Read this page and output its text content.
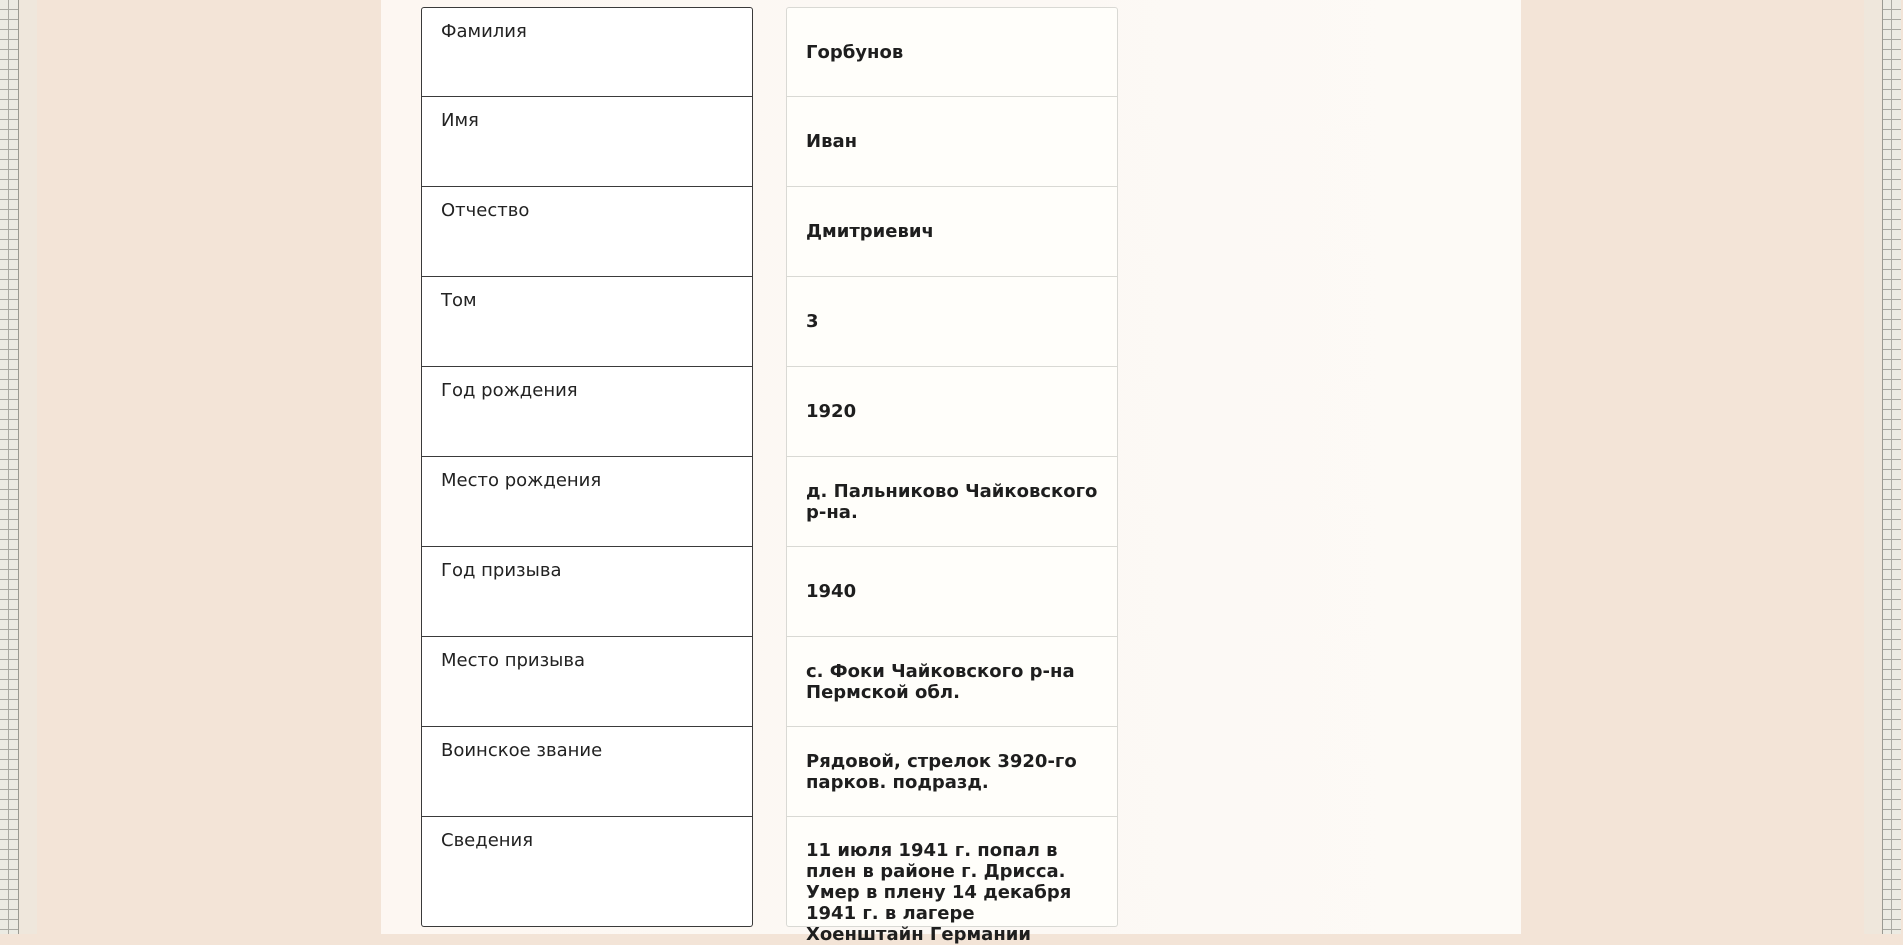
Фамилия
Имя
Отчество
Том
Год рождения
Место рождения
Год призыва
Место призыва
Воинское звание
Сведения
Горбунов
Иван
Дмитриевич
3
1920
д. Пальниково Чайковского р-на.
1940
с. Фоки Чайковского р-на Пермской обл.
Рядовой, стрелок 3920-го парков. подразд.
11 июля 1941 г. попал в плен в районе г. Дрисса. Умер в плену 14 декабря 1941 г. в лагере Хоенштайн Германии
